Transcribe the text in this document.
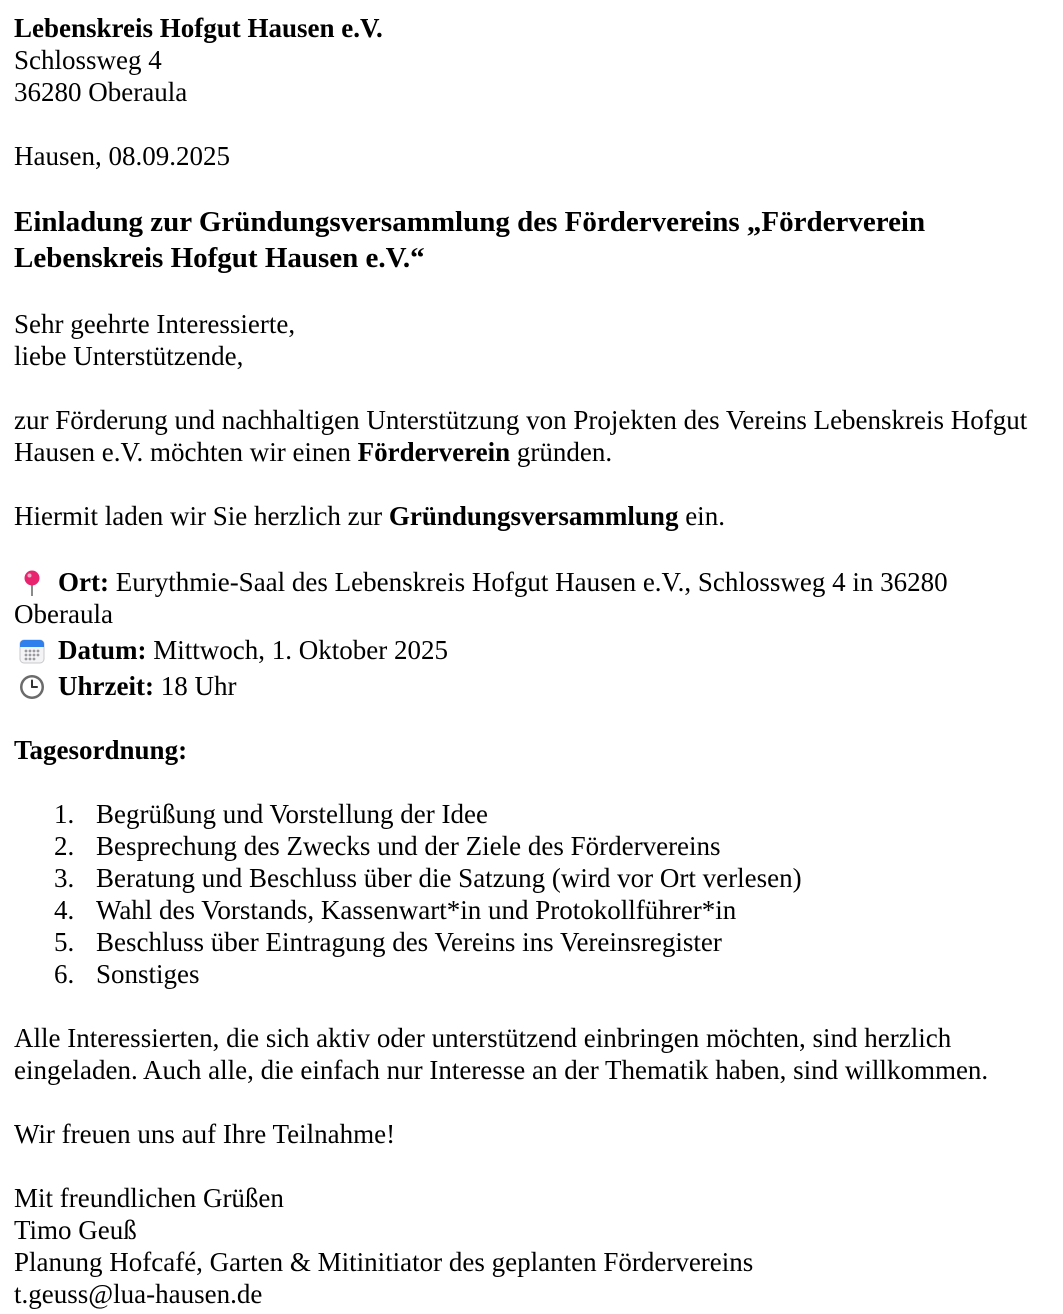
Lebenskreis Hofgut Hausen e.V.
Schlossweg 4
36280 Oberaula
Hausen, 08.09.2025
Einladung zur Gründungsversammlung des Fördervereins „Förderverein
Lebenskreis Hofgut Hausen e.V.“
Sehr geehrte Interessierte,
liebe Unterstützende,
zur Förderung und nachhaltigen Unterstützung von Projekten des Vereins Lebenskreis Hofgut
Hausen e.V. möchten wir einen Förderverein gründen.
Hiermit laden wir Sie herzlich zur Gründungsversammlung ein.
Ort: Eurythmie-Saal des Lebenskreis Hofgut Hausen e.V., Schlossweg 4 in 36280
Oberaula
Datum: Mittwoch, 1. Oktober 2025
Uhrzeit: 18 Uhr
Tagesordnung:
1. Begrüßung und Vorstellung der Idee
2. Besprechung des Zwecks und der Ziele des Fördervereins
3. Beratung und Beschluss über die Satzung (wird vor Ort verlesen)
4. Wahl des Vorstands, Kassenwart*in und Protokollführer*in
5. Beschluss über Eintragung des Vereins ins Vereinsregister
6. Sonstiges
Alle Interessierten, die sich aktiv oder unterstützend einbringen möchten, sind herzlich
eingeladen. Auch alle, die einfach nur Interesse an der Thematik haben, sind willkommen.
Wir freuen uns auf Ihre Teilnahme!
Mit freundlichen Grüßen
Timo Geuß
Planung Hofcafé, Garten & Mitinitiator des geplanten Fördervereins
t.geuss@lua-hausen.de
